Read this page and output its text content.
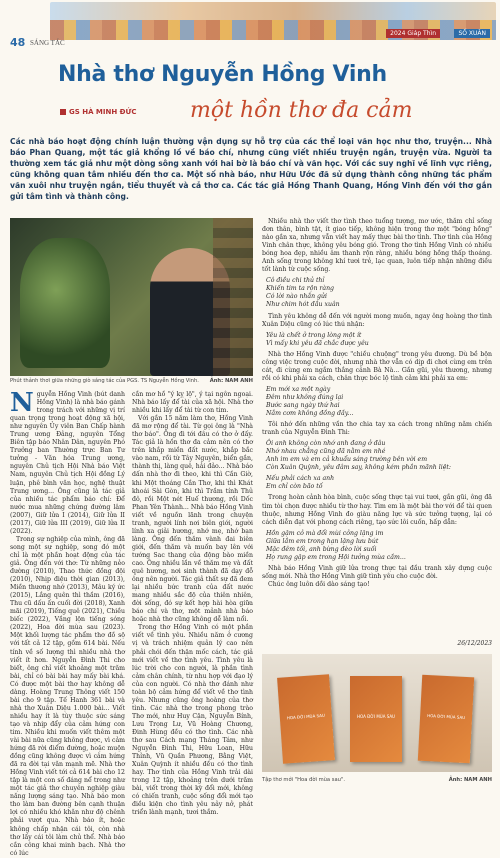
2024 Giáp Thìn	SỐ XUÂN
48 SÁNG TÁC
Nhà thơ Nguyễn Hồng Vinh
GS HÀ MINH ĐỨC một hồn thơ đa cảm
Các nhà báo hoạt động chính luận thường vận dụng sự hỗ trợ của các thể loại văn học như thơ, truyện... Nhà báo Phan Quang, một tác giả khổng lồ về báo chí, nhưng cũng viết nhiều truyện ngắn, truyện vừa. Người ta thường xem tác giả như một dòng sông xanh với hai bờ là báo chí và văn học. Với các suy nghĩ về lĩnh vực riêng, cũng không quan tâm nhiều đến thơ ca. Một số nhà báo, như Hữu Ước đã sử dụng thành công những tác phẩm văn xuôi như truyện ngắn, tiểu thuyết và cả thơ ca. Các tác giả Hồng Thanh Quang, Hồng Vinh đến với thơ gắn gửi tâm tình và thành công.
Phút thảnh thơi giữa những giò sáng tác của PGS. TS Nguyễn Hồng Vinh. Ảnh: NAM ANH

Nguyễn Hồng Vinh (bút danh Hồng Vinh) là nhà báo gánh trong trách với những vị trí quan trọng trong hoạt động xã hội, như nguyên Ủy viên Ban Chấp hành Trung ương Đảng, nguyên Tổng Biên tập báo Nhân Dân, nguyên Phó Trưởng ban Thường trực Ban Tư tưởng - Văn hóa Trung ương, nguyên Chủ tịch Hội Nhà báo Việt Nam, nguyên Chủ tịch Hội đồng Lý luận, phê bình văn học, nghệ thuật Trung ương... Ông cũng là tác giả của nhiều tác phẩm báo chí: Để nước mua những chứng đường lâm (2007), Giữ lửa I (2014), Giữ lửa II (2017), Giữ lửa III (2019), Giữ lửa II (2022).

Trong sự nghiệp của mình, ông đã song một sự nghiệp, song đó một chỉ là một phần hoạt động của tác giả. Ông đến với thơ: Từ những nẻo đường (2010), Thao thức đồng đội (2010), Nhịp điệu thời gian (2013), Miền thương nhớ (2013), Mâu ký ức (2015), Lắng quên thì thầm (2016), Thu cũ dấu ấn cuối đời (2018), Xanh mãi (2019), Tiếng quê (2021), Chiều biếc (2022), Vầng lộn tiếng sóng (2022), Hoa đời mùa sau (2023). Một khối lượng tác phẩm thơ đồ sộ với tất cả 12 tập, gồm 614 bài. Nếu tính về số lượng thì nhiều nhà thơ viết ít hơn. Nguyễn Đình Thi cho biết, ông chỉ viết khoảng một trăm bài, chỉ có bài bài hay mấy bài khá. Có được một bài thơ hay không dễ dàng. Hoàng Trung Thông viết 150 bài cho 9 tập. Tế Hanh 361 bài và nhà thơ Xuân Diệu 1.000 bài... Viết nhiều hay ít là tùy thuộc sức sáng tạo và nhịp đẩy của cảm hứng con tim. Nhiều khi muốn viết thêm một vài bài nữa cũng không được, vì cảm hứng đã rời điểm đường, hoặc muộn đồng cũng không được vì cảm hứng đã ra đời tại văn mạnh mẽ. Nhà thơ Hồng Vinh viết tới cả 614 bài cho 12 tập là một con số đáng nể trong như một tác giả thơ chuyên nghiệp giàu năng lượng sáng tạo. Nhà báo mon tho làm ban đường bên cạnh thuận lợi có nhiều khó khăn như độ chênh phải vượt qua. Nhà báo ít, hoặc không chấp nhận cái tôi, còn nhà thơ lấy cái tôi làm chủ thể. Nhà báo cần công khai minh bạch. Nhà thơ có lúc

cần mơ hồ "ý kỵ lộ", ý tại ngôn ngoại. Nhà báo lấy để tài của xã hội. Nhà thơ nhiều khi lấy để tài từ con tim.

Với gần 15 năm làm thơ, Hồng Vinh đã mơ rộng để tài. Từ gọi ông là "Nhà thơ báo". Ông đi tới đâu có thơ ở đấy. Tác giả là hồn thơ đa cảm nên có thơ trên khắp miền đất nước, khắp bắc vào nam, rồi từ Tây Nguyên, biển gần, thành thị, làng quê, hải đảo... Nhà báo dấn nhà thơ đi theo, khi thì Cần Giờ, khi Một thoáng Cần Thơ, khi thì Khát khoái Sài Gòn, khi thì Trầm tính Thủ đô, rồi Một nét Huế thương, rồi Dốc Phan Yên Thành... Nhà báo Hồng Vinh viết về nguồn lãnh trong chuyện tranh, người lính nơi biên giới, người lính xa giải hương, nhớ mẹ, nhớ bạn làng. Ông đến thăm vành đai biên giới, đến thăm và muốn bay lên với tướng Sac thang của động bào miền cao. Ông nhiều lần về thăm mẹ và đất quê hương, nơi sinh thành đã dạy đỗ ông nên người. Tác giả thất sự đã đem lại nhiều bức tranh của đất nước mang nhiều sắc độ của thiên nhiên, đời sống, đó sự kết hợp hài hòa giữa báo chí và thơ, một mảnh nhà báo hoặc nhà thơ cũng không dễ làm nổi.

Trong thơ Hồng Vinh có một phần viết về tình yêu. Nhiều năm ở cương vị và trách nhiệm quản lý cao nên phải chói đến thận mốc cách, tác giả mới viết về thơ tình yêu. Tình yêu là lúc trời cho con người, là phần tình cảm chân chính, từ nhu hợp với đạo lý của con người. Có nhà thơ đánh như toàn bộ cảm hứng để viết về thơ tình yêu. Nhưng cũng ông hoàng của thơ tình. Các nhà thơ trong phong trào Thơ mới, như Huy Cận, Nguyễn Bính, Lưu Trọng Lư, Vũ Hoàng Chương, Đinh Hùng đều có thơ tình. Các nhà thơ sau Cách mạng Tháng Tám, như Nguyễn Đình Thi, Hữu Loan, Hữu Thỉnh, Vũ Quần Phương, Bằng Việt, Xuân Quỳnh ít nhiều đều có thơ tình hay. Thơ tình của Hồng Vinh trải dài trong 12 tập, khoảng trên dưới trăm bài, viết trong thời kỳ đổi mới, không có chiến tranh, cuộc sống đổi mới tạo điều kiện cho tình yêu nảy nở, phát triển lành mạnh, tươi thắm.

Nhiều nhà thơ viết thơ tình theo tuổng tượng, mơ ước, thăm chỉ sống đơn thân, bình tật, ít giao tiếp, không hiện trong thơ một "bóng hồng" nào gần xa, nhưng vẫn viết hay mấy thực bài thơ tình. Thơ tình của Hồng Vinh chân thực, không yêu bóng gió. Trong thơ tình Hồng Vinh có nhiều bóng hoa đẹp, nhiều âm thanh rộn ràng, nhiều bóng hồng thấp thoáng. Anh sống trong không khí tươi trẻ, lạc quan, luôn tiếp nhận những điều tốt lành từ cuộc sống.

Cô điều chi thủ thỉ
Khiến tim ta rộn ràng
Có lời nào nhắn gửi
Như chim hót đầu xuân

Tình yêu không dễ đến với người mong muốn, ngay ông hoàng thơ tình Xuân Diệu cũng có lúc thú nhận:

Yêu là chết ở trong lòng một ít
Vì mấy khi yêu đã chắc được yêu

Nhà thơ Hồng Vinh được "chiều chuộng" trong yêu đương. Dù bề bộn công việc trong cuộc đời, nhưng nhà thơ vẫn có dịp đi chơi cùng em trên cát, đi cùng em ngắm thắng cảnh Bà Nà... Gần gũi, yêu thương, nhưng rồi có khi phải xa cách, chân thực bóc lộ tình cảm khi phải xa em:

Em mới xa một ngày
Đêm như không đúng lại
Bước sang ngày thứ hai
Nắm cơm không đồng đầy...

Tôi nhớ đến những vần thơ chia tay xa cách trong những năm chiến tranh của Nguyễn Đình Thi:

Ôi anh không còn nhớ anh đang ở đâu
Nhớ nhau chẳng cũng đã nằm em nhé
Anh im em và em cả khuẩu sáng trường bên vời em
Còn Xuân Quỳnh, yêu đâm say, không kém phần mãnh liệt:

Nếu phải cách xa anh
Em chỉ còn bão tố

Trong hoàn cảnh hòa bình, cuộc sống thực tại vui tươi, gắn gũi, ông đã tìm tòi chọn được nhiều từ thơ hay. Tìm em là một bài thơ với để tài quen thuộc, nhưng Hồng Vinh đo giàu năng lực và sức tưởng tượng, lại có cách diễn đạt với phong cách riêng, tạo sức lôi cuốn, hấp dẫn:

Hồn gặm cỏ mà đổi mùi cỏng lặng im
Giữa lầm em trong hạn lặng lưu bút
Mặc đêm tối, anh bừng đèo lời suối
Họ rung gặp em trong Hội tưởng mùa cầm...

Nhà báo Hồng Vinh giữ lửa trong thực tại đầu tranh xây dựng cuộc sống mới. Nhà thơ Hồng Vinh giữ tình yêu cho cuộc đời.

Chúc ông luôn dồi dào sáng tạo!

26/12/2023
HOA ĐỜI MÙA SAU	HOA ĐỜI MÙA SAU	HOA ĐỜI MÙA SAU
Tập thơ mới "Hoa đời mùa sau".	Ảnh: NAM ANH
